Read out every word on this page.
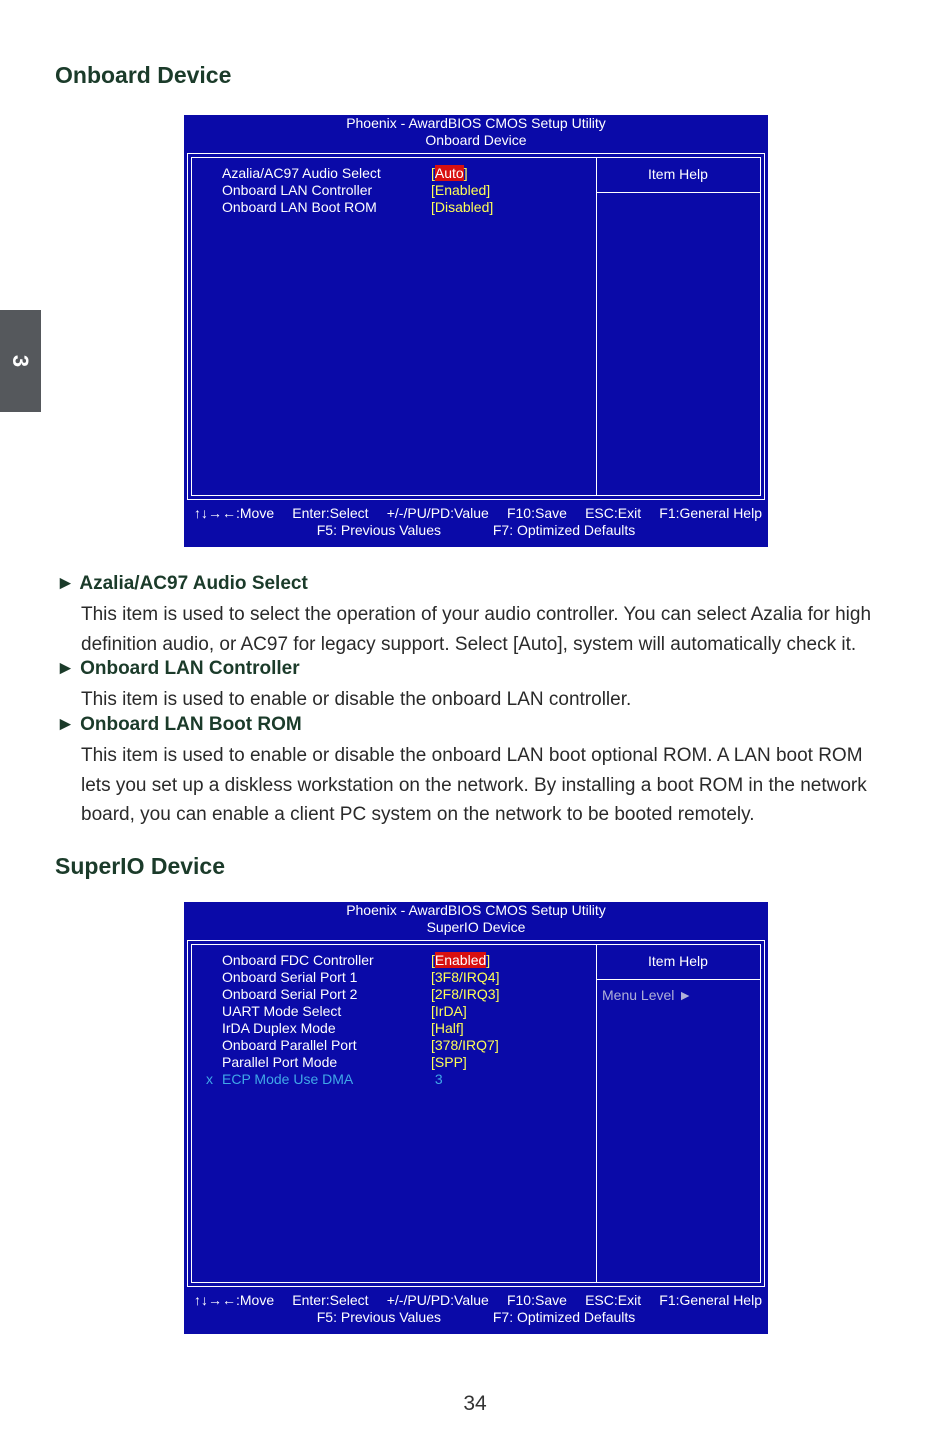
3
Onboard Device
Phoenix - AwardBIOS CMOS Setup Utility
Onboard Device
Item Help
Azalia/AC97 Audio Select	[Auto]
Onboard LAN Controller	[Enabled]
Onboard LAN Boot ROM	[Disabled]
↑↓→←:Move Enter:Select +/-/PU/PD:Value F10:Save ESC:Exit F1:General Help
F5: Previous Values	F7: Optimized Defaults
► Azalia/AC97 Audio Select

This item is used to select the operation of your audio controller. You can select Azalia for high definition audio, or AC97 for legacy support. Select [Auto], system will automatically check it.

► Onboard LAN Controller

This item is used to enable or disable the onboard LAN controller.

► Onboard LAN Boot ROM

This item is used to enable or disable the onboard LAN boot optional ROM. A LAN boot ROM lets you set up a diskless workstation on the network. By installing a boot ROM in the network board, you can enable a client PC system on the network to be booted remotely.

SuperIO Device
Phoenix - AwardBIOS CMOS Setup Utility
SuperIO Device
Item Help
Menu Level ►
Onboard FDC Controller	[Enabled]
Onboard Serial Port 1	[3F8/IRQ4]
Onboard Serial Port 2	[2F8/IRQ3]
UART Mode Select	[IrDA]
IrDA Duplex Mode	[Half]
Onboard Parallel Port	[378/IRQ7]
Parallel Port Mode	[SPP]
x ECP Mode Use DMA	3
↑↓→←:Move Enter:Select +/-/PU/PD:Value F10:Save ESC:Exit F1:General Help
F5: Previous Values	F7: Optimized Defaults
34
